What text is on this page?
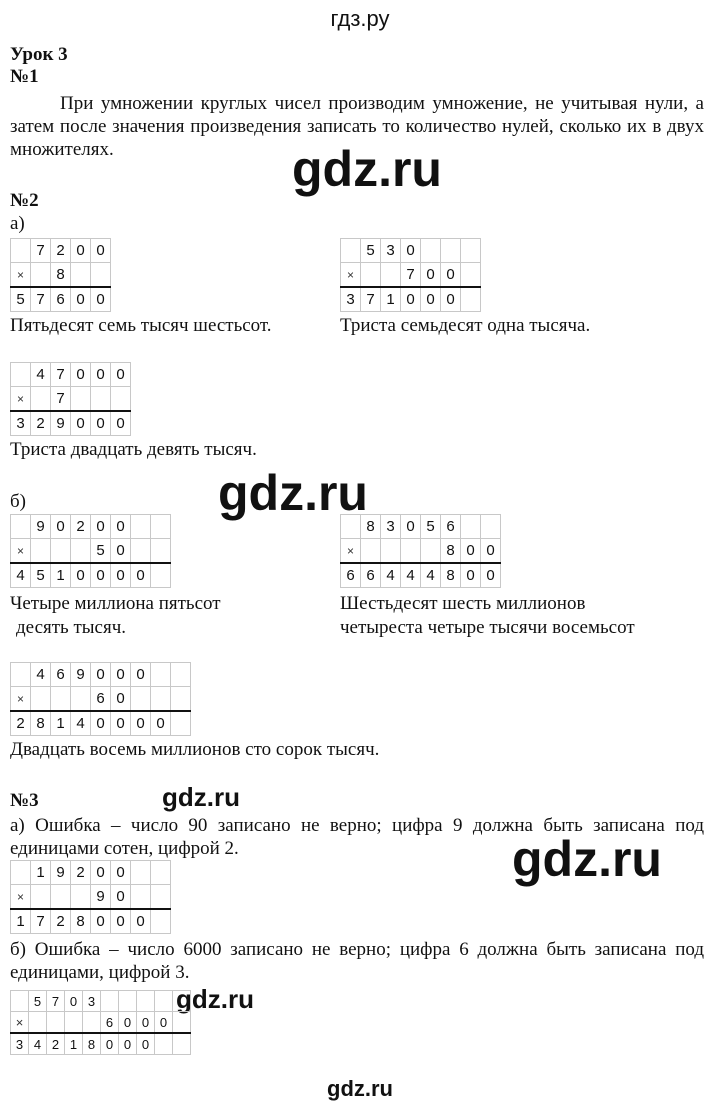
гдз.ру
Урок 3
№1
При умножении круглых чисел производим умножение, не учитывая нули, а затем после значения произведения записать то количество нулей, сколько их в двух множителях.	gdz.ru
№2
а)
	7	2	0	0
×		8		
5	7	6	0	0
Пятьдесят семь тысяч шестьсот.
	5	3	0			
×			7	0	0	
3	7	1	0	0	0	
Триста семьдесят одна тысяча.
	4	7	0	0	0
×		7			
3	2	9	0	0	0
Триста двадцать девять тысяч.
gdz.ru
б)
	9	0	2	0	0		
×				5	0		
4	5	1	0	0	0	0	
Четыре миллиона пятьсот
десять тысяч.
	8	3	0	5	6		
×					8	0	0
6	6	4	4	4	8	0	0
Шестьдесят шесть миллионов
четыреста четыре тысячи восемьсот
	4	6	9	0	0	0		
×				6	0			
2	8	1	4	0	0	0	0	
Двадцать восемь миллионов сто сорок тысяч.
№3	gdz.ru
а) Ошибка – число 90 записано не верно; цифра 9 должна быть записана под единицами сотен, цифрой 2.	gdz.ru
	1	9	2	0	0		
×				9	0		
1	7	2	8	0	0	0	
б) Ошибка – число 6000 записано не верно; цифра 6 должна быть записана под единицами, цифрой 3.
gdz.ru
	5	7	0	3					
×					6	0	0	0	
3	4	2	1	8	0	0	0		
gdz.ru
